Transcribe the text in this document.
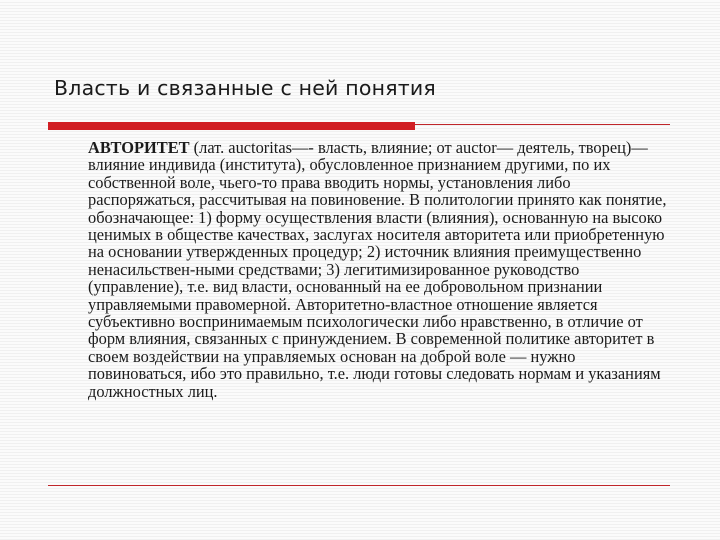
Власть и связанные с ней понятия

АВТОРИТЕТ (лат. auctoritas—- власть, влияние; от auctor— деятель, творец)— влияние индивида (института), обусловленное признанием другими, по их собственной воле, чьего-то права вводить нормы, установления либо распоряжаться, рассчитывая на повиновение. В политологии принято как понятие, обозначающее: 1) форму осуществления власти (влияния), основанную на высоко ценимых в обществе качествах, заслугах носителя авторитета или приобретенную на основании утвержденных процедур; 2) источник влияния преимущественно ненасильствен-ными средствами; 3) легитимизированное руководство (управление), т.е. вид власти, основанный на ее добровольном признании управляемыми правомерной. Авторитетно-властное отношение является субъективно воспринимаемым психологически либо нравственно, в отличие от форм влияния, связанных с принуждением. В современной политике авторитет в своем воздействии на управляемых основан на доброй воле — нужно повиноваться, ибо это правильно, т.е. люди готовы следовать нормам и указаниям должностных лиц.
